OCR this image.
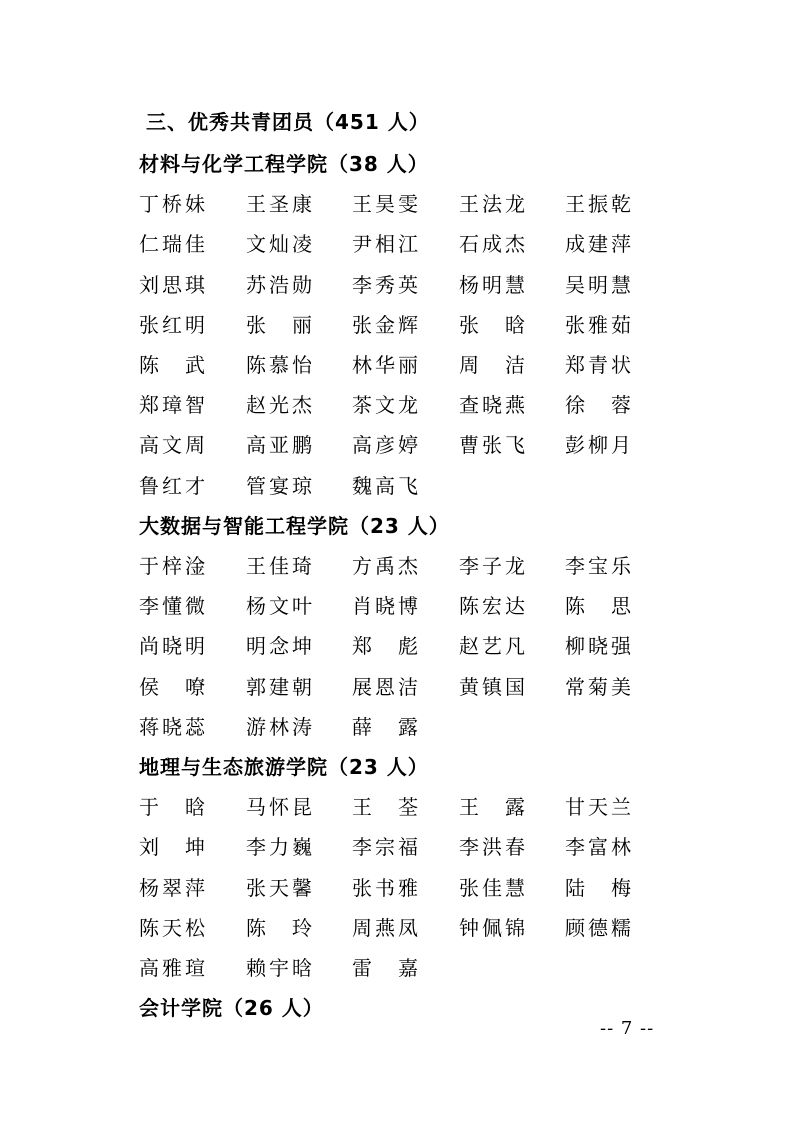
三、优秀共青团员（451 人）
材料与化学工程学院（38 人）
丁桥妹 王圣康 王昊雯 王法龙 王振乾
仁瑞佳 文灿凌 尹相江 石成杰 成建萍
刘思琪 苏浩勋 李秀英 杨明慧 吴明慧
张红明 张　丽 张金辉 张　晗 张雅茹
陈　武 陈慕怡 林华丽 周　洁 郑青状
郑璋智 赵光杰 茶文龙 查晓燕 徐　蓉
高文周 高亚鹏 高彦婷 曹张飞 彭柳月
鲁红才 管宴琼 魏高飞
大数据与智能工程学院（23 人）
于梓淦 王佳琦 方禹杰 李子龙 李宝乐
李懂微 杨文叶 肖晓博 陈宏达 陈　思
尚晓明 明念坤 郑　彪 赵艺凡 柳晓强
侯　嘹 郭建朝 展恩洁 黄镇国 常菊美
蒋晓蕊 游林涛 薛　露
地理与生态旅游学院（23 人）
于　晗 马怀昆 王　荃 王　露 甘天兰
刘　坤 李力巍 李宗福 李洪春 李富林
杨翠萍 张天馨 张书雅 张佳慧 陆　梅
陈天松 陈　玲 周燕凤 钟佩锦 顾德糯
高雅瑄 赖宇晗 雷　嘉
会计学院（26 人）
-- 7 --
